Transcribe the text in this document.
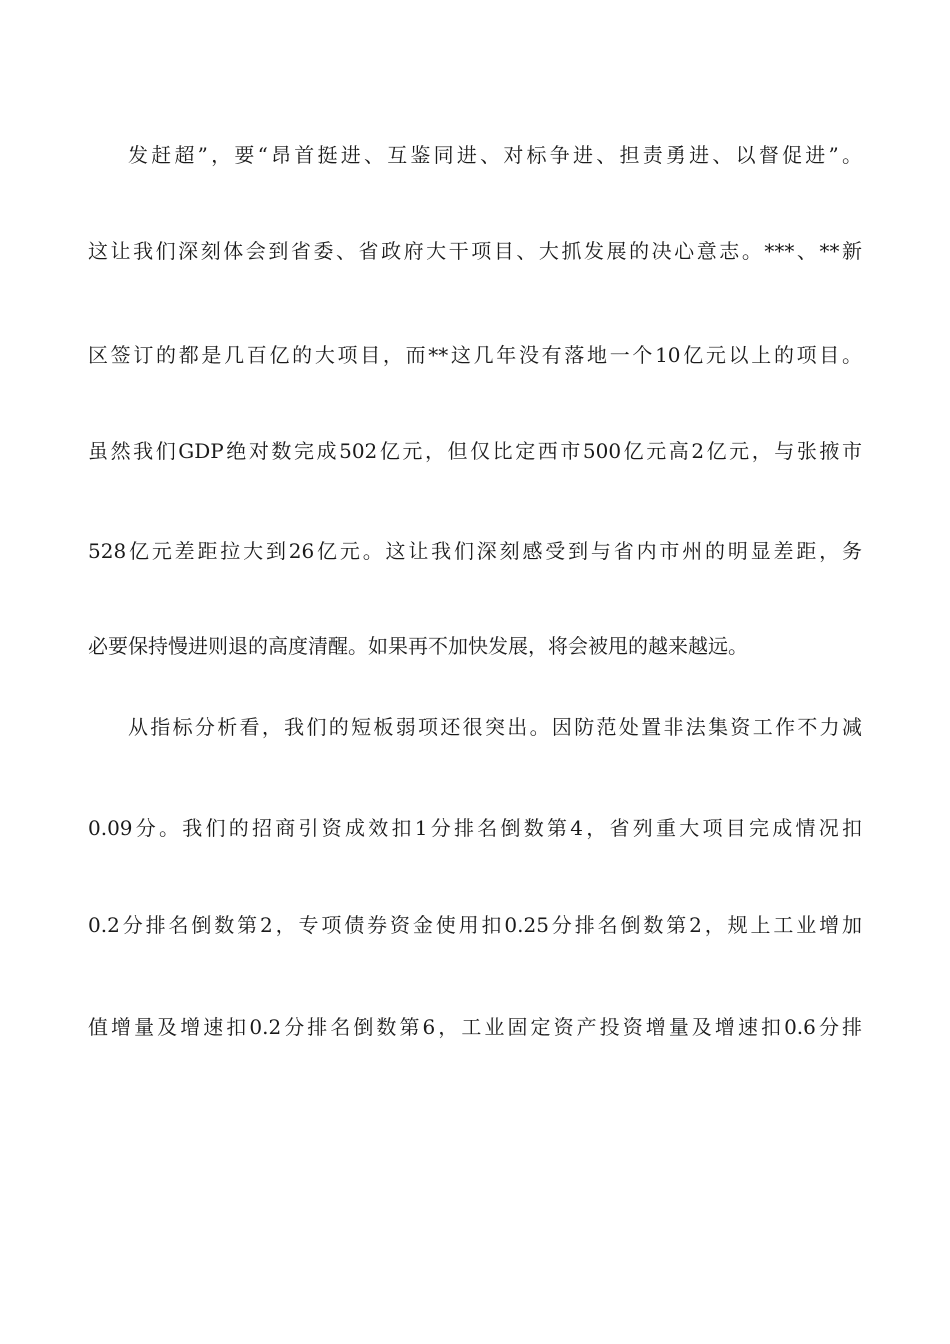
发赶超”，要“昂首挺进、互鉴同进、对标争进、担责勇进、以督促进”。
这让我们深刻体会到省委、省政府大干项目、大抓发展的决心意志。***、**新
区签订的都是几百亿的大项目，而**这几年没有落地一个10亿元以上的项目。
虽然我们GDP绝对数完成502亿元，但仅比定西市500亿元高2亿元，与张掖市
528亿元差距拉大到26亿元。这让我们深刻感受到与省内市州的明显差距，务
必要保持慢进则退的高度清醒。如果再不加快发展，将会被甩的越来越远。
从指标分析看，我们的短板弱项还很突出。因防范处置非法集资工作不力减
0.09分。我们的招商引资成效扣1分排名倒数第4，省列重大项目完成情况扣
0.2分排名倒数第2，专项债券资金使用扣0.25分排名倒数第2，规上工业增加
值增量及增速扣0.2分排名倒数第6，工业固定资产投资增量及增速扣0.6分排
